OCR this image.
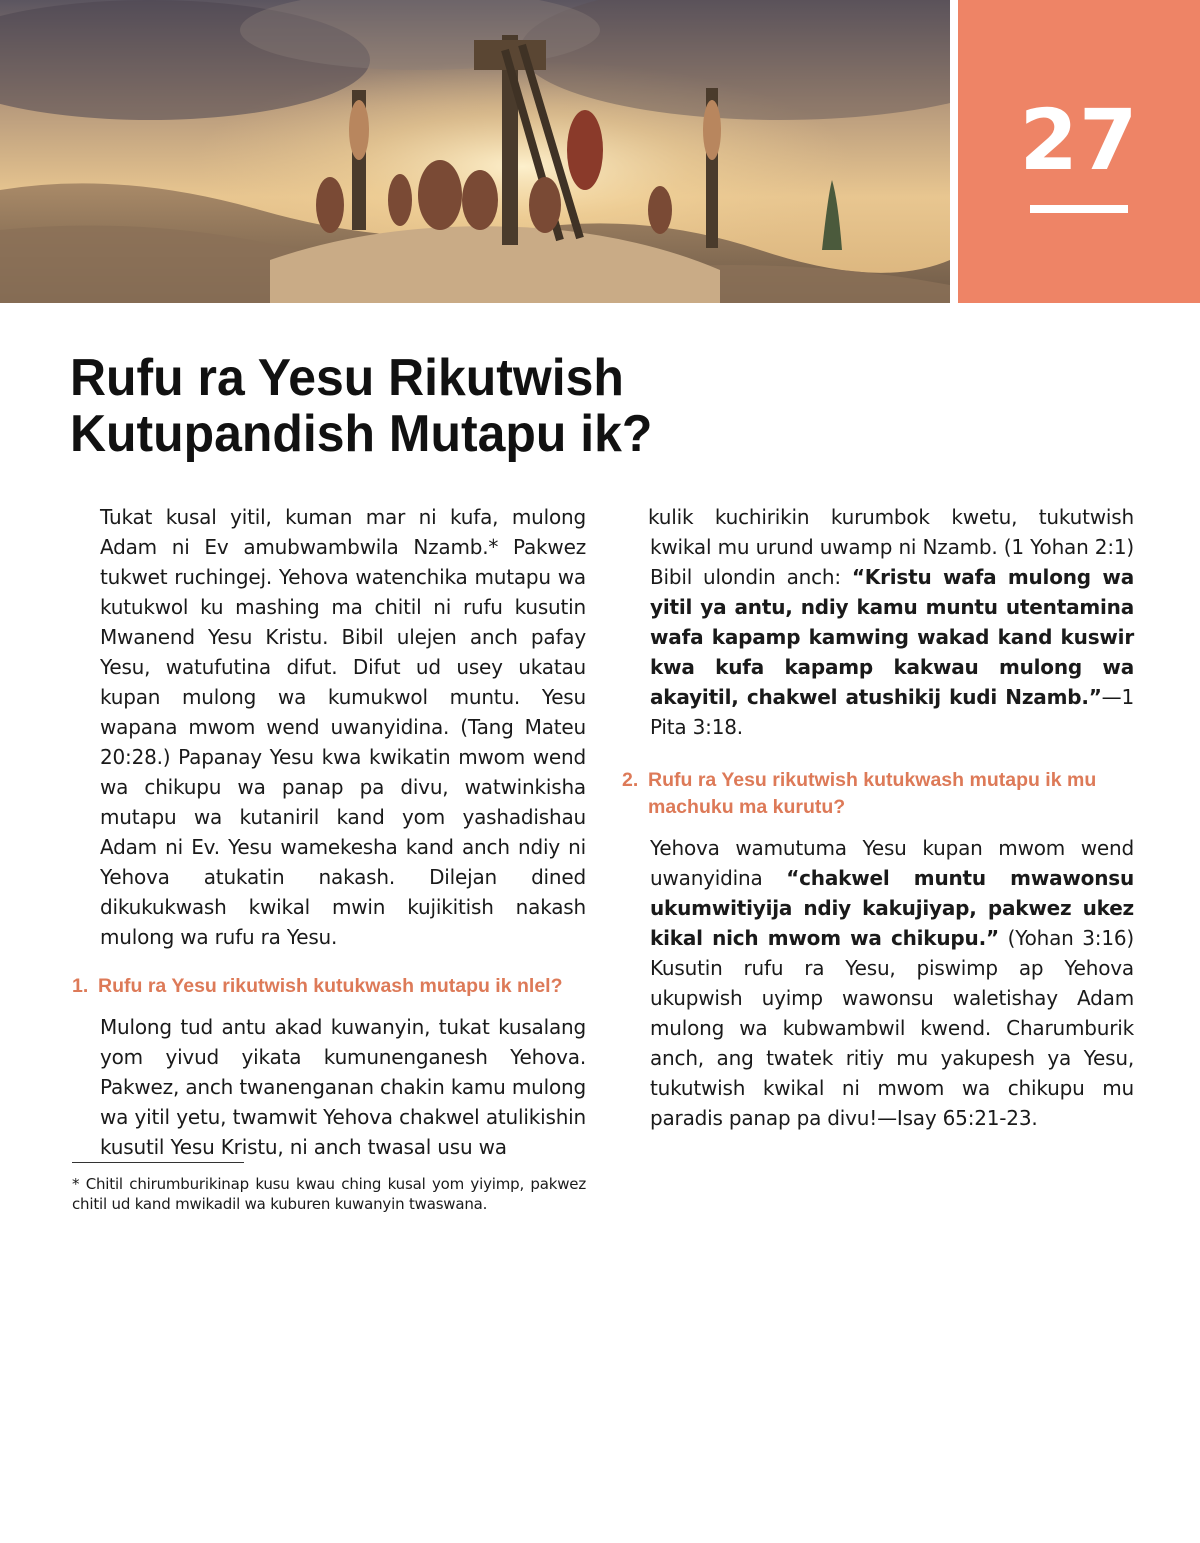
27
Rufu ra Yesu Rikutwish
Kutupandish Mutapu ik?

Tukat kusal yitil, kuman mar ni kufa, mulong Adam ni Ev amubwambwila Nzamb.* Pakwez tukwet ruchingej. Yehova watenchika mutapu wa kutukwol ku mashing ma chitil ni rufu kusutin Mwanend Yesu Kristu. Bibil ulejen anch pafay Yesu, watufutina difut. Difut ud usey ukatau kupan mulong wa kumukwol muntu. Yesu wapana mwom wend uwanyidina. (Tang Mateu 20:28.) Papanay Yesu kwa kwikatin mwom wend wa chikupu wa panap pa divu, watwinkisha mutapu wa kutaniril kand yom yashadishau Adam ni Ev. Yesu wamekesha kand anch ndiy ni Yehova atukatin nakash. Dilejan dined dikukukwash kwikal mwin kujikitish nakash mulong wa rufu ra Yesu.

1. Rufu ra Yesu rikutwish kutukwash mutapu ik nlel?

Mulong tud antu akad kuwanyin, tukat kusalang yom yivud yikata kumunenganesh Yehova. Pakwez, anch twanenganan chakin kamu mulong wa yitil yetu, twamwit Yehova chakwel atulikishin kusutil Yesu Kristu, ni anch twasal usu wa

kulik kuchirikin kurumbok kwetu, tukutwish kwikal mu urund uwamp ni Nzamb. (1 Yohan 2:1) Bibil ulondin anch: “Kristu wafa mulong wa yitil ya antu, ndiy kamu muntu utentamina wafa kapamp kamwing wakad kand kuswir kwa kufa kapamp kakwau mulong wa akayitil, chakwel atushikij kudi Nzamb.”—1 Pita 3:18.

2. Rufu ra Yesu rikutwish kutukwash mutapu ik mu machuku ma kurutu?

Yehova wamutuma Yesu kupan mwom wend uwanyidina “chakwel muntu mwawonsu ukumwitiyija ndiy kakujiyap, pakwez ukez kikal nich mwom wa chikupu.” (Yohan 3:16) Kusutin rufu ra Yesu, piswimp ap Yehova ukupwish uyimp wawonsu waletishay Adam mulong wa kubwambwil kwend. Charumburik anch, ang twatek ritiy mu yakupesh ya Yesu, tukutwish kwikal ni mwom wa chikupu mu paradis panap pa divu!—Isay 65:21-23.

* Chitil chirumburikinap kusu kwau ching kusal yom yiyimp, pakwez chitil ud kand mwikadil wa kuburen kuwanyin twaswana.
